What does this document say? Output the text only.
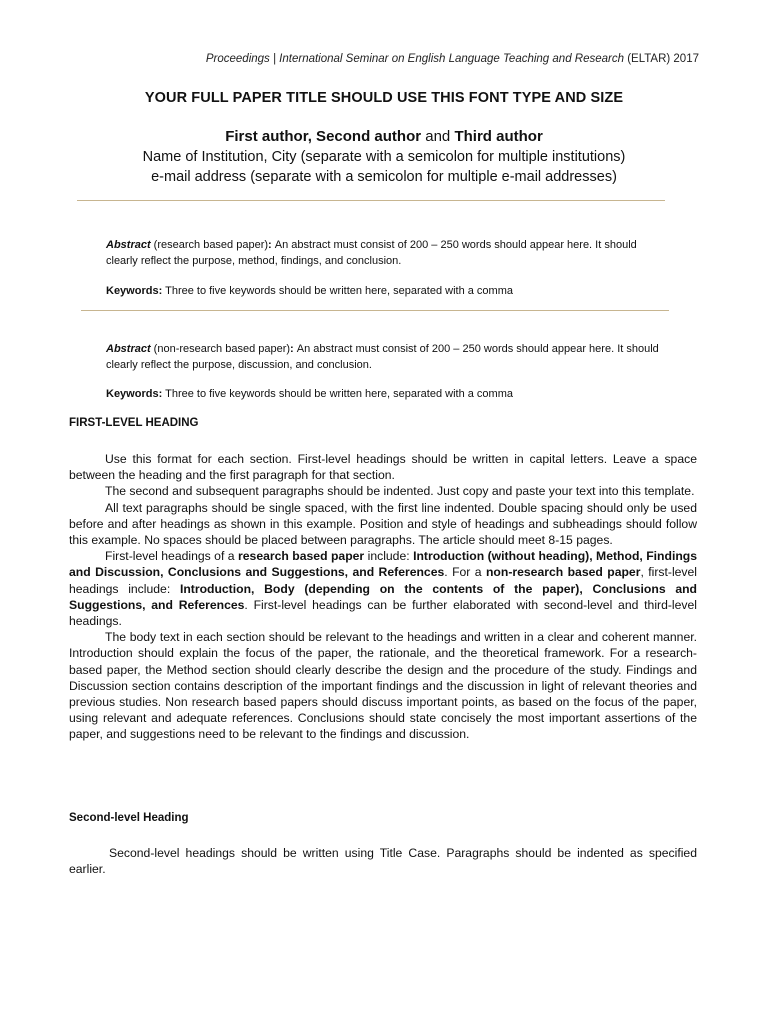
Proceedings | International Seminar on English Language Teaching and Research (ELTAR) 2017
YOUR FULL PAPER TITLE SHOULD USE THIS FONT TYPE AND SIZE
First author, Second author and Third author
Name of Institution, City (separate with a semicolon for multiple institutions)
e-mail address (separate with a semicolon for multiple e-mail addresses)
Abstract (research based paper): An abstract must consist of 200 – 250 words should appear here. It should clearly reflect the purpose, method, findings, and conclusion.
Keywords: Three to five keywords should be written here, separated with a comma
Abstract (non-research based paper): An abstract must consist of 200 – 250 words should appear here. It should clearly reflect the purpose, discussion, and conclusion.
Keywords: Three to five keywords should be written here, separated with a comma
FIRST-LEVEL HEADING

Use this format for each section. First-level headings should be written in capital letters. Leave a space between the heading and the first paragraph for that section.

The second and subsequent paragraphs should be indented. Just copy and paste your text into this template.

All text paragraphs should be single spaced, with the first line indented. Double spacing should only be used before and after headings as shown in this example. Position and style of headings and subheadings should follow this example. No spaces should be placed between paragraphs. The article should meet 8-15 pages.

First-level headings of a research based paper include: Introduction (without heading), Method, Findings and Discussion, Conclusions and Suggestions, and References. For a non-research based paper, first-level headings include: Introduction, Body (depending on the contents of the paper), Conclusions and Suggestions, and References. First-level headings can be further elaborated with second-level and third-level headings.

The body text in each section should be relevant to the headings and written in a clear and coherent manner. Introduction should explain the focus of the paper, the rationale, and the theoretical framework. For a research-based paper, the Method section should clearly describe the design and the procedure of the study. Findings and Discussion section contains description of the important findings and the discussion in light of relevant theories and previous studies. Non research based papers should discuss important points, as based on the focus of the paper, using relevant and adequate references. Conclusions should state concisely the most important assertions of the paper, and suggestions need to be relevant to the findings and discussion.

Second-level Heading

Second-level headings should be written using Title Case. Paragraphs should be indented as specified earlier.
